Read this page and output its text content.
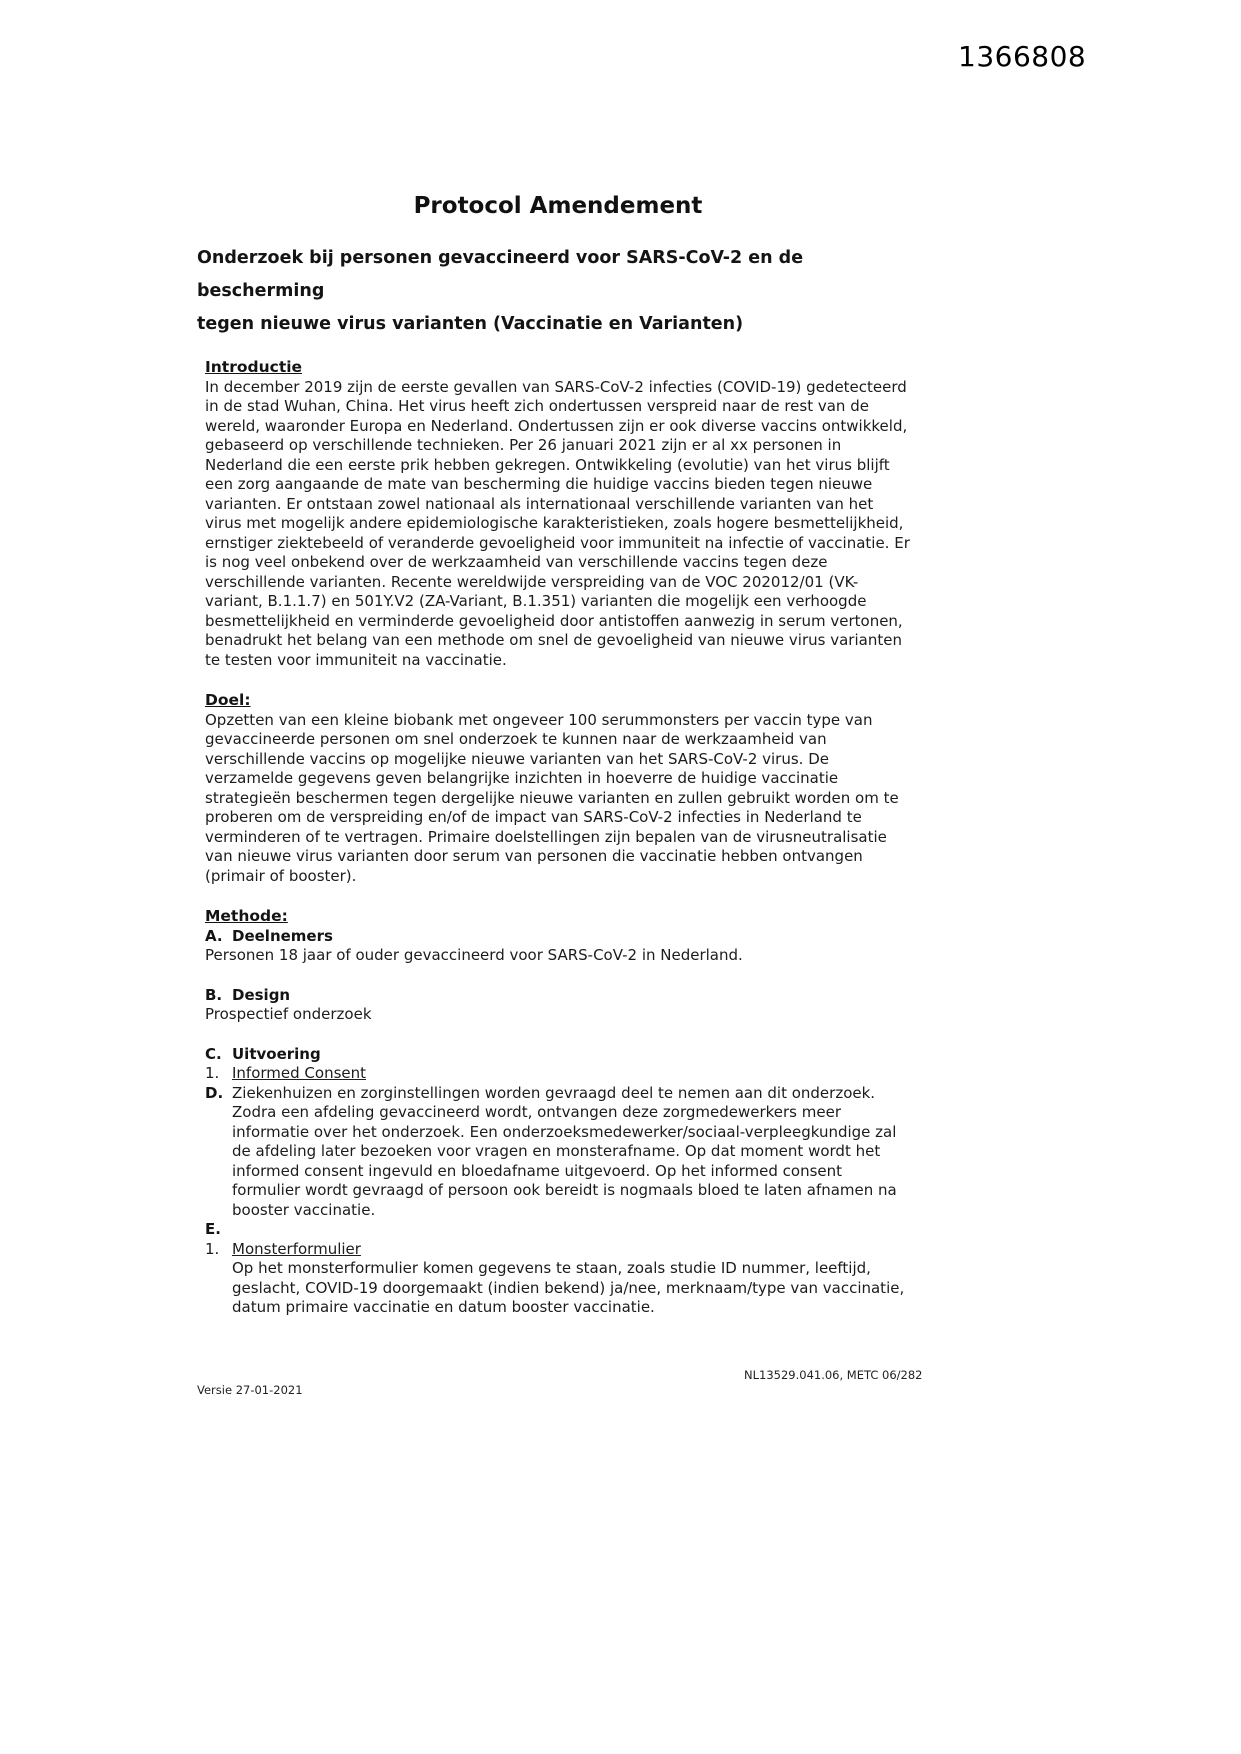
1366808
Protocol Amendement
Onderzoek bij personen gevaccineerd voor SARS-CoV-2 en de bescherming
tegen nieuwe virus varianten (Vaccinatie en Varianten)
Introductie
In december 2019 zijn de eerste gevallen van SARS-CoV-2 infecties (COVID-19) gedetecteerd in de stad Wuhan, China. Het virus heeft zich ondertussen verspreid naar de rest van de wereld, waaronder Europa en Nederland. Ondertussen zijn er ook diverse vaccins ontwikkeld, gebaseerd op verschillende technieken. Per 26 januari 2021 zijn er al xx personen in Nederland die een eerste prik hebben gekregen. Ontwikkeling (evolutie) van het virus blijft een zorg aangaande de mate van bescherming die huidige vaccins bieden tegen nieuwe varianten. Er ontstaan zowel nationaal als internationaal verschillende varianten van het virus met mogelijk andere epidemiologische karakteristieken, zoals hogere besmettelijkheid, ernstiger ziektebeeld of veranderde gevoeligheid voor immuniteit na infectie of vaccinatie. Er is nog veel onbekend over de werkzaamheid van verschillende vaccins tegen deze verschillende varianten. Recente wereldwijde verspreiding van de VOC 202012/01 (VK-variant, B.1.1.7) en 501Y.V2 (ZA-Variant, B.1.351) varianten die mogelijk een verhoogde besmettelijkheid en verminderde gevoeligheid door antistoffen aanwezig in serum vertonen, benadrukt het belang van een methode om snel de gevoeligheid van nieuwe virus varianten te testen voor immuniteit na vaccinatie.
Doel:
Opzetten van een kleine biobank met ongeveer 100 serummonsters per vaccin type van gevaccineerde personen om snel onderzoek te kunnen naar de werkzaamheid van verschillende vaccins op mogelijke nieuwe varianten van het SARS-CoV-2 virus. De verzamelde gegevens geven belangrijke inzichten in hoeverre de huidige vaccinatie strategieën beschermen tegen dergelijke nieuwe varianten en zullen gebruikt worden om te proberen om de verspreiding en/of de impact van SARS-CoV-2 infecties in Nederland te verminderen of te vertragen. Primaire doelstellingen zijn bepalen van de virusneutralisatie van nieuwe virus varianten door serum van personen die vaccinatie hebben ontvangen (primair of booster).
Methode:
A. Deelnemers
Personen 18 jaar of ouder gevaccineerd voor SARS-CoV-2 in Nederland.
B. Design
Prospectief onderzoek
C. Uitvoering
1. Informed Consent
D. Ziekenhuizen en zorginstellingen worden gevraagd deel te nemen aan dit onderzoek. Zodra een afdeling gevaccineerd wordt, ontvangen deze zorgmedewerkers meer informatie over het onderzoek. Een onderzoeksmedewerker/sociaal-verpleegkundige zal de afdeling later bezoeken voor vragen en monsterafname. Op dat moment wordt het informed consent ingevuld en bloedafname uitgevoerd. Op het informed consent formulier wordt gevraagd of persoon ook bereidt is nogmaals bloed te laten afnamen na booster vaccinatie.
E.
1. Monsterformulier
Op het monsterformulier komen gegevens te staan, zoals studie ID nummer, leeftijd, geslacht, COVID-19 doorgemaakt (indien bekend) ja/nee, merknaam/type van vaccinatie, datum primaire vaccinatie en datum booster vaccinatie.
NL13529.041.06, METC 06/282
Versie 27-01-2021
